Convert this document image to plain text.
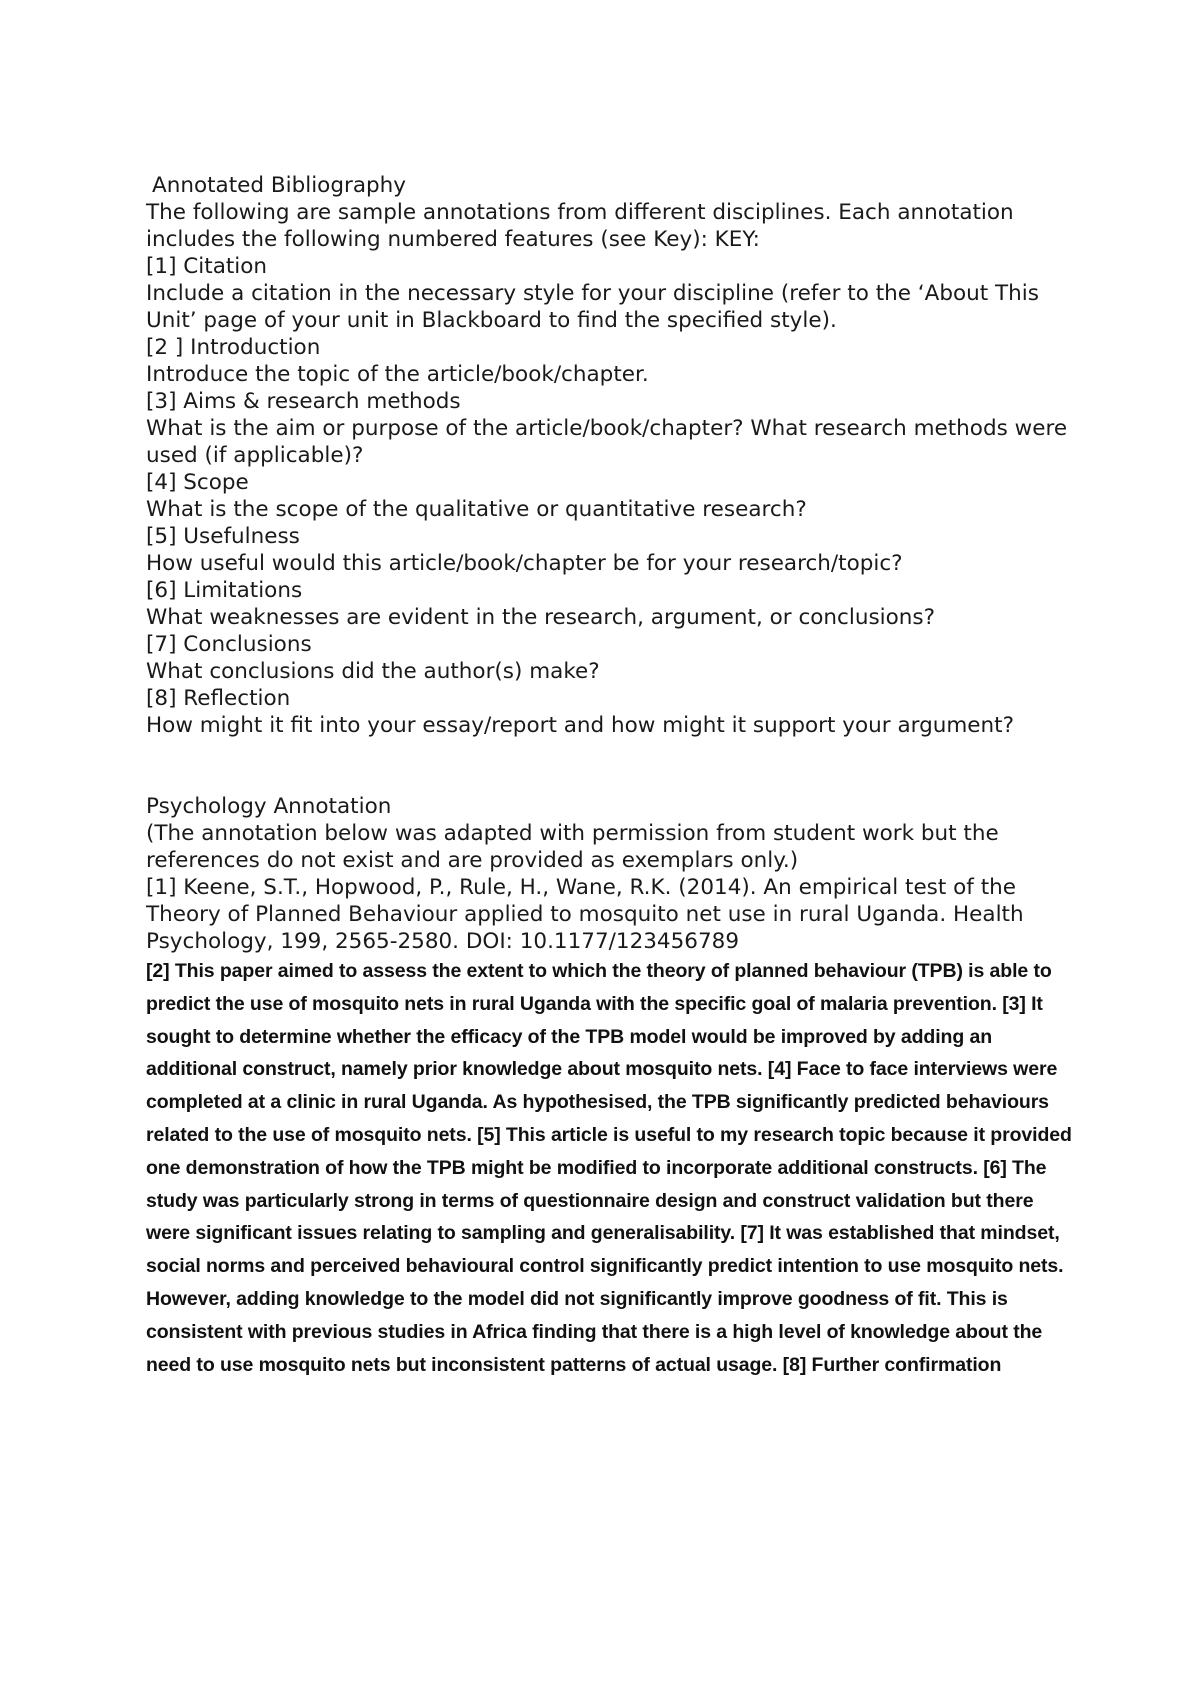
Annotated Bibliography

The following are sample annotations from different disciplines. Each annotation includes the following numbered features (see Key): KEY:

[1] Citation

Include a citation in the necessary style for your discipline (refer to the ‘About This Unit’ page of your unit in Blackboard to find the specified style).

[2 ] Introduction

Introduce the topic of the article/book/chapter.

[3] Aims & research methods

What is the aim or purpose of the article/book/chapter? What research methods were used (if applicable)?

[4] Scope

What is the scope of the qualitative or quantitative research?

[5] Usefulness

How useful would this article/book/chapter be for your research/topic?

[6] Limitations

What weaknesses are evident in the research, argument, or conclusions?

[7] Conclusions

What conclusions did the author(s) make?

[8] Reflection

How might it fit into your essay/report and how might it support your argument?

Psychology Annotation

(The annotation below was adapted with permission from student work but the references do not exist and are provided as exemplars only.)

[1] Keene, S.T., Hopwood, P., Rule, H., Wane, R.K. (2014). An empirical test of the Theory of Planned Behaviour applied to mosquito net use in rural Uganda. Health Psychology, 199, 2565-2580. DOI: 10.1177/123456789

[2] This paper aimed to assess the extent to which the theory of planned behaviour (TPB) is able to predict the use of mosquito nets in rural Uganda with the specific goal of malaria prevention. [3] It sought to determine whether the efficacy of the TPB model would be improved by adding an additional construct, namely prior knowledge about mosquito nets. [4] Face to face interviews were completed at a clinic in rural Uganda. As hypothesised, the TPB significantly predicted behaviours related to the use of mosquito nets. [5] This article is useful to my research topic because it provided one demonstration of how the TPB might be modified to incorporate additional constructs. [6] The study was particularly strong in terms of questionnaire design and construct validation but there were significant issues relating to sampling and generalisability. [7] It was established that mindset, social norms and perceived behavioural control significantly predict intention to use mosquito nets. However, adding knowledge to the model did not significantly improve goodness of fit. This is consistent with previous studies in Africa finding that there is a high level of knowledge about the need to use mosquito nets but inconsistent patterns of actual usage. [8] Further confirmation
